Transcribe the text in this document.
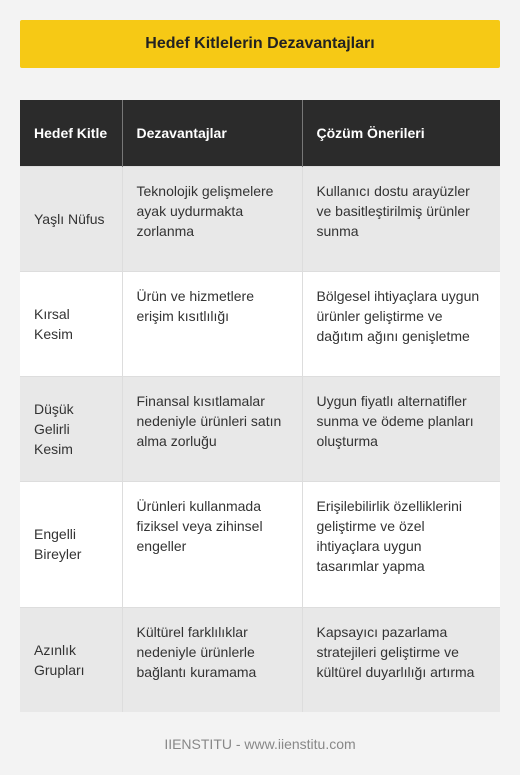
Hedef Kitlelerin Dezavantajları
Hedef Kitle	Dezavantajlar	Çözüm Önerileri
Yaşlı Nüfus	Teknolojik gelişmelere ayak uydurmakta zorlanma	Kullanıcı dostu arayüzler ve basitleştirilmiş ürünler sunma
Kırsal Kesim	Ürün ve hizmetlere erişim kısıtlılığı	Bölgesel ihtiyaçlara uygun ürünler geliştirme ve dağıtım ağını genişletme
Düşük Gelirli Kesim	Finansal kısıtlamalar nedeniyle ürünleri satın alma zorluğu	Uygun fiyatlı alternatifler sunma ve ödeme planları oluşturma
Engelli Bireyler	Ürünleri kullanmada fiziksel veya zihinsel engeller	Erişilebilirlik özelliklerini geliştirme ve özel ihtiyaçlara uygun tasarımlar yapma
Azınlık Grupları	Kültürel farklılıklar nedeniyle ürünlerle bağlantı kuramama	Kapsayıcı pazarlama stratejileri geliştirme ve kültürel duyarlılığı artırma
IIENSTITU - www.iienstitu.com
